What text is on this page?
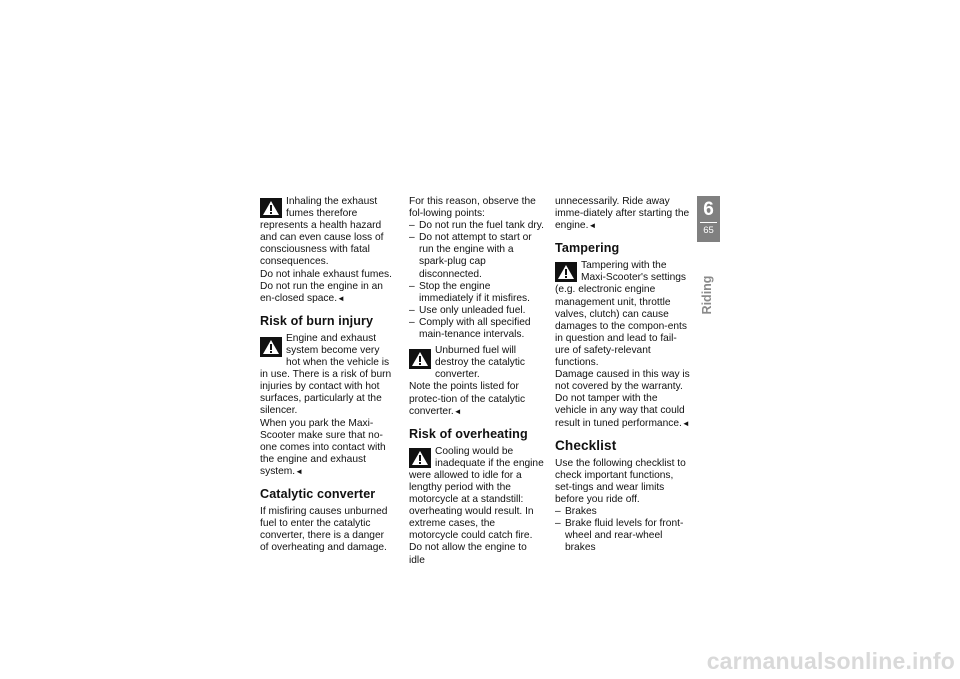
Inhaling the exhaust fumes therefore represents a health hazard and can even cause loss of consciousness with fatal consequences.

Do not inhale exhaust fumes.

Do not run the engine in an en-closed space.◄

Risk of burn injury

Engine and exhaust system become very hot when the vehicle is in use. There is a risk of burn injuries by contact with hot surfaces, particularly at the silencer.

When you park the Maxi-Scooter make sure that no-one comes into contact with the engine and exhaust system.◄

Catalytic converter

If misfiring causes unburned fuel to enter the catalytic converter, there is a danger of overheating and damage.

For this reason, observe the fol-lowing points:

– Do not run the fuel tank dry.
– Do not attempt to start or run the engine with a spark-plug cap disconnected.
– Stop the engine immediately if it misfires.
– Use only unleaded fuel.
– Comply with all specified main-tenance intervals.

Unburned fuel will destroy the catalytic converter.

Note the points listed for protec-tion of the catalytic converter.◄

Risk of overheating

Cooling would be inadequate if the engine were allowed to idle for a lengthy period with the motorcycle at a standstill: overheating would result. In extreme cases, the motorcycle could catch fire.

Do not allow the engine to idle

unnecessarily. Ride away imme-diately after starting the engine.◄

Tampering

Tampering with the Maxi-Scooter's settings (e.g. electronic engine management unit, throttle valves, clutch) can cause damages to the compon-ents in question and lead to fail-ure of safety-relevant functions.

Damage caused in this way is not covered by the warranty.

Do not tamper with the vehicle in any way that could result in tuned performance.◄

Checklist

Use the following checklist to check important functions, set-tings and wear limits before you ride off.

– Brakes
– Brake fluid levels for front-wheel and rear-wheel brakes
6
65
Riding
carmanualsonline.info
